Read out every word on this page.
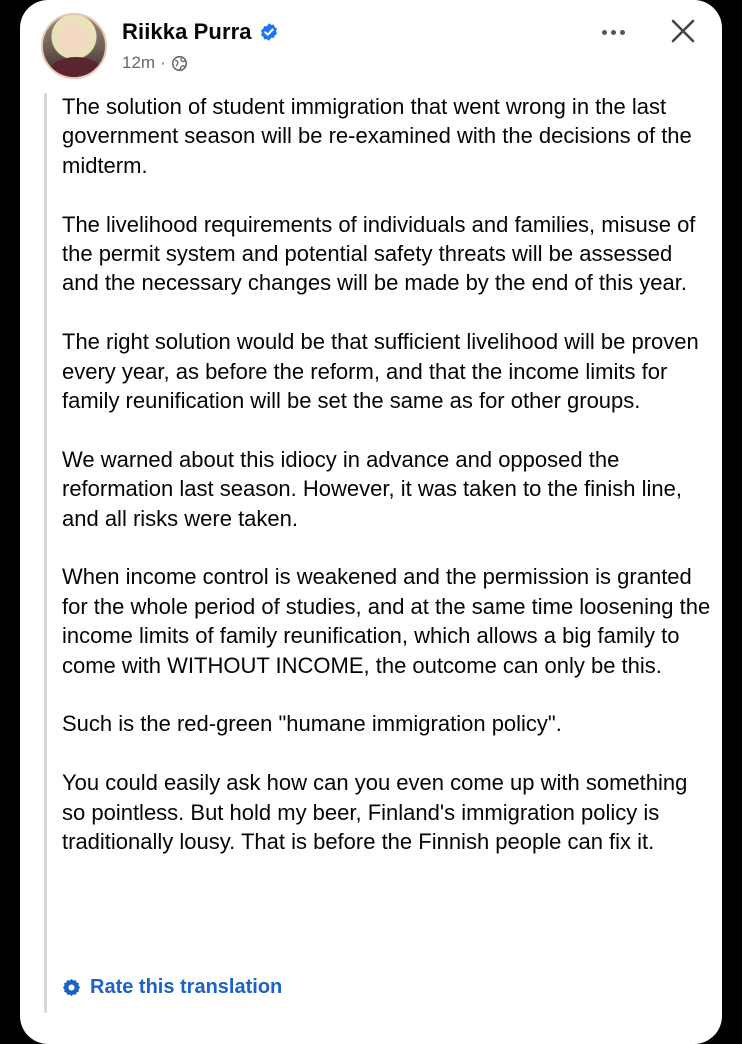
Riikka Purra
12m ·

The solution of student immigration that went wrong in the last government season will be re-examined with the decisions of the midterm.

The livelihood requirements of individuals and families, misuse of the permit system and potential safety threats will be assessed and the necessary changes will be made by the end of this year.

The right solution would be that sufficient livelihood will be proven every year, as before the reform, and that the income limits for family reunification will be set the same as for other groups.

We warned about this idiocy in advance and opposed the reformation last season. However, it was taken to the finish line, and all risks were taken.

When income control is weakened and the permission is granted for the whole period of studies, and at the same time loosening the income limits of family reunification, which allows a big family to come with WITHOUT INCOME, the outcome can only be this.

Such is the red-green "humane immigration policy".

You could easily ask how can you even come up with something so pointless. But hold my beer, Finland's immigration policy is traditionally lousy. That is before the Finnish people can fix it.

Rate this translation
